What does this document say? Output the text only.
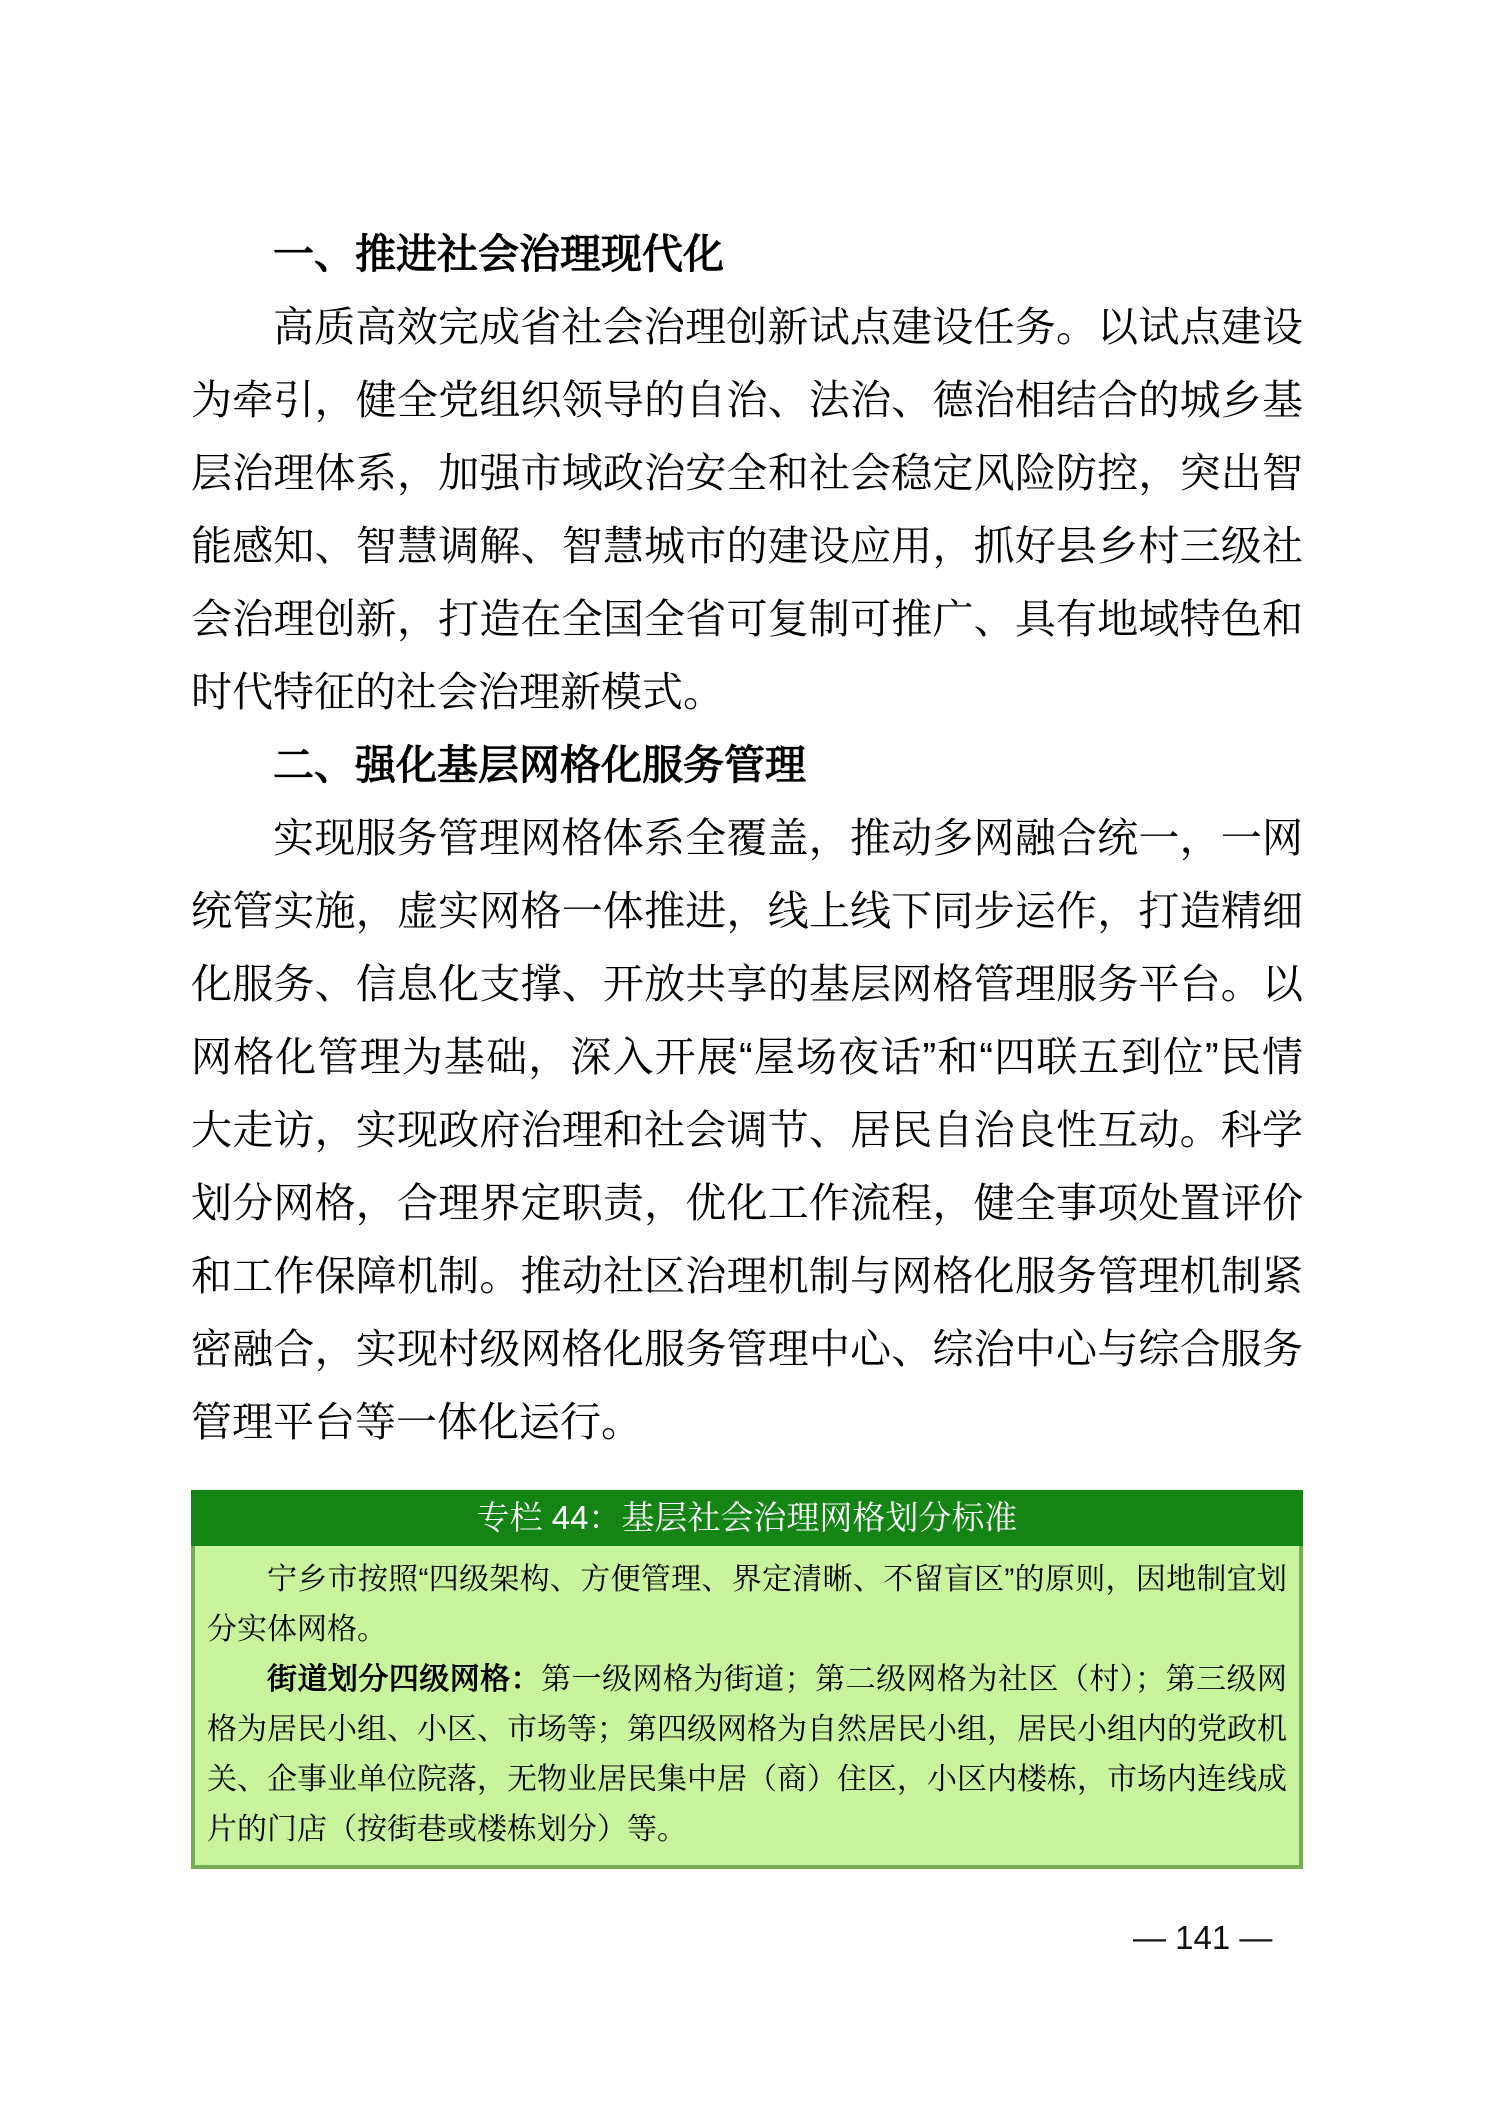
一、推进社会治理现代化

高质高效完成省社会治理创新试点建设任务。以试点建设为牵引，健全党组织领导的自治、法治、德治相结合的城乡基层治理体系，加强市域政治安全和社会稳定风险防控，突出智能感知、智慧调解、智慧城市的建设应用，抓好县乡村三级社会治理创新，打造在全国全省可复制可推广、具有地域特色和时代特征的社会治理新模式。

二、强化基层网格化服务管理

实现服务管理网格体系全覆盖，推动多网融合统一，一网统管实施，虚实网格一体推进，线上线下同步运作，打造精细化服务、信息化支撑、开放共享的基层网格管理服务平台。以网格化管理为基础，深入开展“屋场夜话”和“四联五到位”民情大走访，实现政府治理和社会调节、居民自治良性互动。科学划分网格，合理界定职责，优化工作流程，健全事项处置评价和工作保障机制。推动社区治理机制与网格化服务管理机制紧密融合，实现村级网格化服务管理中心、综治中心与综合服务管理平台等一体化运行。

专栏 44：基层社会治理网格划分标准

宁乡市按照“四级架构、方便管理、界定清晰、不留盲区”的原则，因地制宜划分实体网格。

街道划分四级网格：第一级网格为街道；第二级网格为社区（村）；第三级网格为居民小组、小区、市场等；第四级网格为自然居民小组，居民小组内的党政机关、企事业单位院落，无物业居民集中居（商）住区，小区内楼栋，市场内连线成片的门店（按街巷或楼栋划分）等。

— 141 —
